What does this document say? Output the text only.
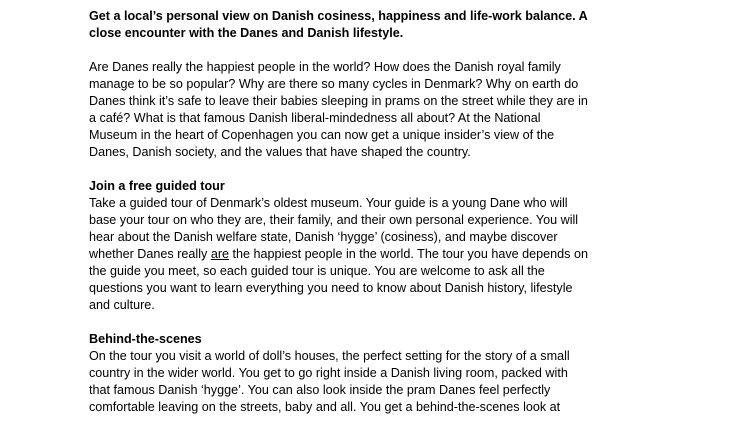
Get a local’s personal view on Danish cosiness, happiness and life-work balance. A close encounter with the Danes and Danish lifestyle.

Are Danes really the happiest people in the world? How does the Danish royal family manage to be so popular? Why are there so many cycles in Denmark? Why on earth do Danes think it’s safe to leave their babies sleeping in prams on the street while they are in a café? What is that famous Danish liberal-mindedness all about? At the National Museum in the heart of Copenhagen you can now get a unique insider’s view of the Danes, Danish society, and the values that have shaped the country.

Join a free guided tour

Take a guided tour of Denmark’s oldest museum. Your guide is a young Dane who will base your tour on who they are, their family, and their own personal experience. You will hear about the Danish welfare state, Danish ‘hygge’ (cosiness), and maybe discover whether Danes really are the happiest people in the world. The tour you have depends on the guide you meet, so each guided tour is unique. You are welcome to ask all the questions you want to learn everything you need to know about Danish history, lifestyle and culture.

Behind-the-scenes

On the tour you visit a world of doll’s houses, the perfect setting for the story of a small country in the wider world. You get to go right inside a Danish living room, packed with that famous Danish ‘hygge’. You can also look inside the pram Danes feel perfectly comfortable leaving on the streets, baby and all. You get a behind-the-scenes look at
